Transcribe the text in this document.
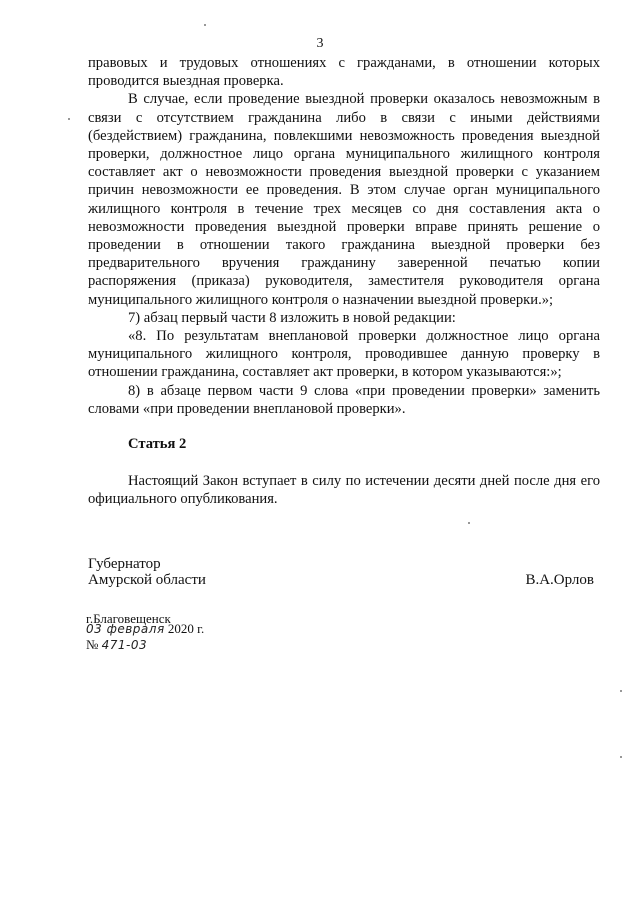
3

правовых и трудовых отношениях с гражданами, в отношении которых проводится выездная проверка.

В случае, если проведение выездной проверки оказалось невозможным в связи с отсутствием гражданина либо в связи с иными действиями (бездействием) гражданина, повлекшими невозможность проведения выездной проверки, должностное лицо органа муниципального жилищного контроля составляет акт о невозможности проведения выездной проверки с указанием причин невозможности ее проведения. В этом случае орган муниципального жилищного контроля в течение трех месяцев со дня составления акта о невозможности проведения выездной проверки вправе принять решение о проведении в отношении такого гражданина выездной проверки без предварительного вручения гражданину заверенной печатью копии распоряжения (приказа) руководителя, заместителя руководителя органа муниципального жилищного контроля о назначении выездной проверки.»;

7) абзац первый части 8 изложить в новой редакции:

«8. По результатам внеплановой проверки должностное лицо органа муниципального жилищного контроля, проводившее данную проверку в отношении гражданина, составляет акт проверки, в котором указываются:»;

8) в абзаце первом части 9 слова «при проведении проверки» заменить словами «при проведении внеплановой проверки».

Статья 2
Настоящий Закон вступает в силу по истечении десяти дней после дня его официального опубликования.
Губернатор
Амурской области	В.А.Орлов
г.Благовещенск
03 февраля 2020 г.
№ 471-03
